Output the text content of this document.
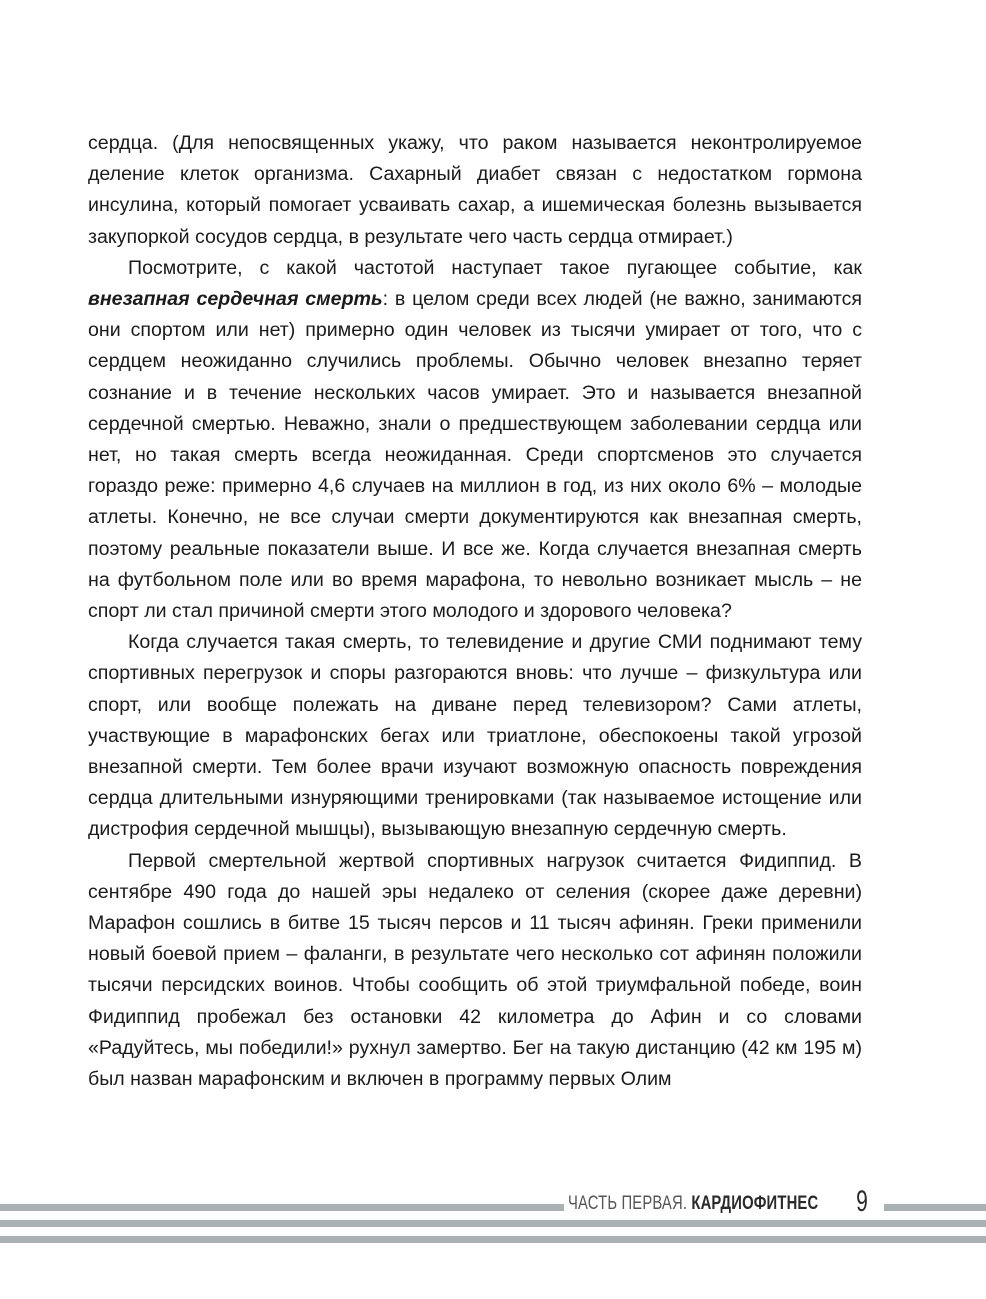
сердца. (Для непосвященных укажу, что раком называется неконтролируемое деление клеток организма. Сахарный диабет связан с недостатком гормона инсулина, который помогает усваивать сахар, а ишемическая болезнь вызывается закупоркой сосудов сердца, в результате чего часть сердца отмирает.)

Посмотрите, с какой частотой наступает такое пугающее событие, как внезапная сердечная смерть: в целом среди всех людей (не важно, занимаются они спортом или нет) примерно один человек из тысячи умирает от того, что с сердцем неожиданно случились проблемы. Обычно человек внезапно теряет сознание и в течение нескольких часов умирает. Это и называется внезапной сердечной смертью. Неважно, знали о предшествующем заболевании сердца или нет, но такая смерть всегда неожиданная. Среди спортсменов это случается гораздо реже: примерно 4,6 случаев на миллион в год, из них около 6% – молодые атлеты. Конечно, не все случаи смерти документируются как внезапная смерть, поэтому реальные показатели выше. И все же. Когда случается внезапная смерть на футбольном поле или во время марафона, то невольно возникает мысль – не спорт ли стал причиной смерти этого молодого и здорового человека?

Когда случается такая смерть, то телевидение и другие СМИ поднимают тему спортивных перегрузок и споры разгораются вновь: что лучше – физкультура или спорт, или вообще полежать на диване перед телевизором? Сами атлеты, участвующие в марафонских бегах или триатлоне, обеспокоены такой угрозой внезапной смерти. Тем более врачи изучают возможную опасность повреждения сердца длительными изнуряющими тренировками (так называемое истощение или дистрофия сердечной мышцы), вызывающую внезапную сердечную смерть.

Первой смертельной жертвой спортивных нагрузок считается Фидиппид. В сентябре 490 года до нашей эры недалеко от селения (скорее даже деревни) Марафон сошлись в битве 15 тысяч персов и 11 тысяч афинян. Греки применили новый боевой прием – фаланги, в результате чего несколько сот афинян положили тысячи персидских воинов. Чтобы сообщить об этой триумфальной победе, воин Фидиппид пробежал без остановки 42 километра до Афин и со словами «Радуйтесь, мы победили!» рухнул замертво. Бег на такую дистанцию (42 км 195 м) был назван марафонским и включен в программу первых Олим

ЧАСТЬ ПЕРВАЯ. КАРДИОФИТНЕС 9
